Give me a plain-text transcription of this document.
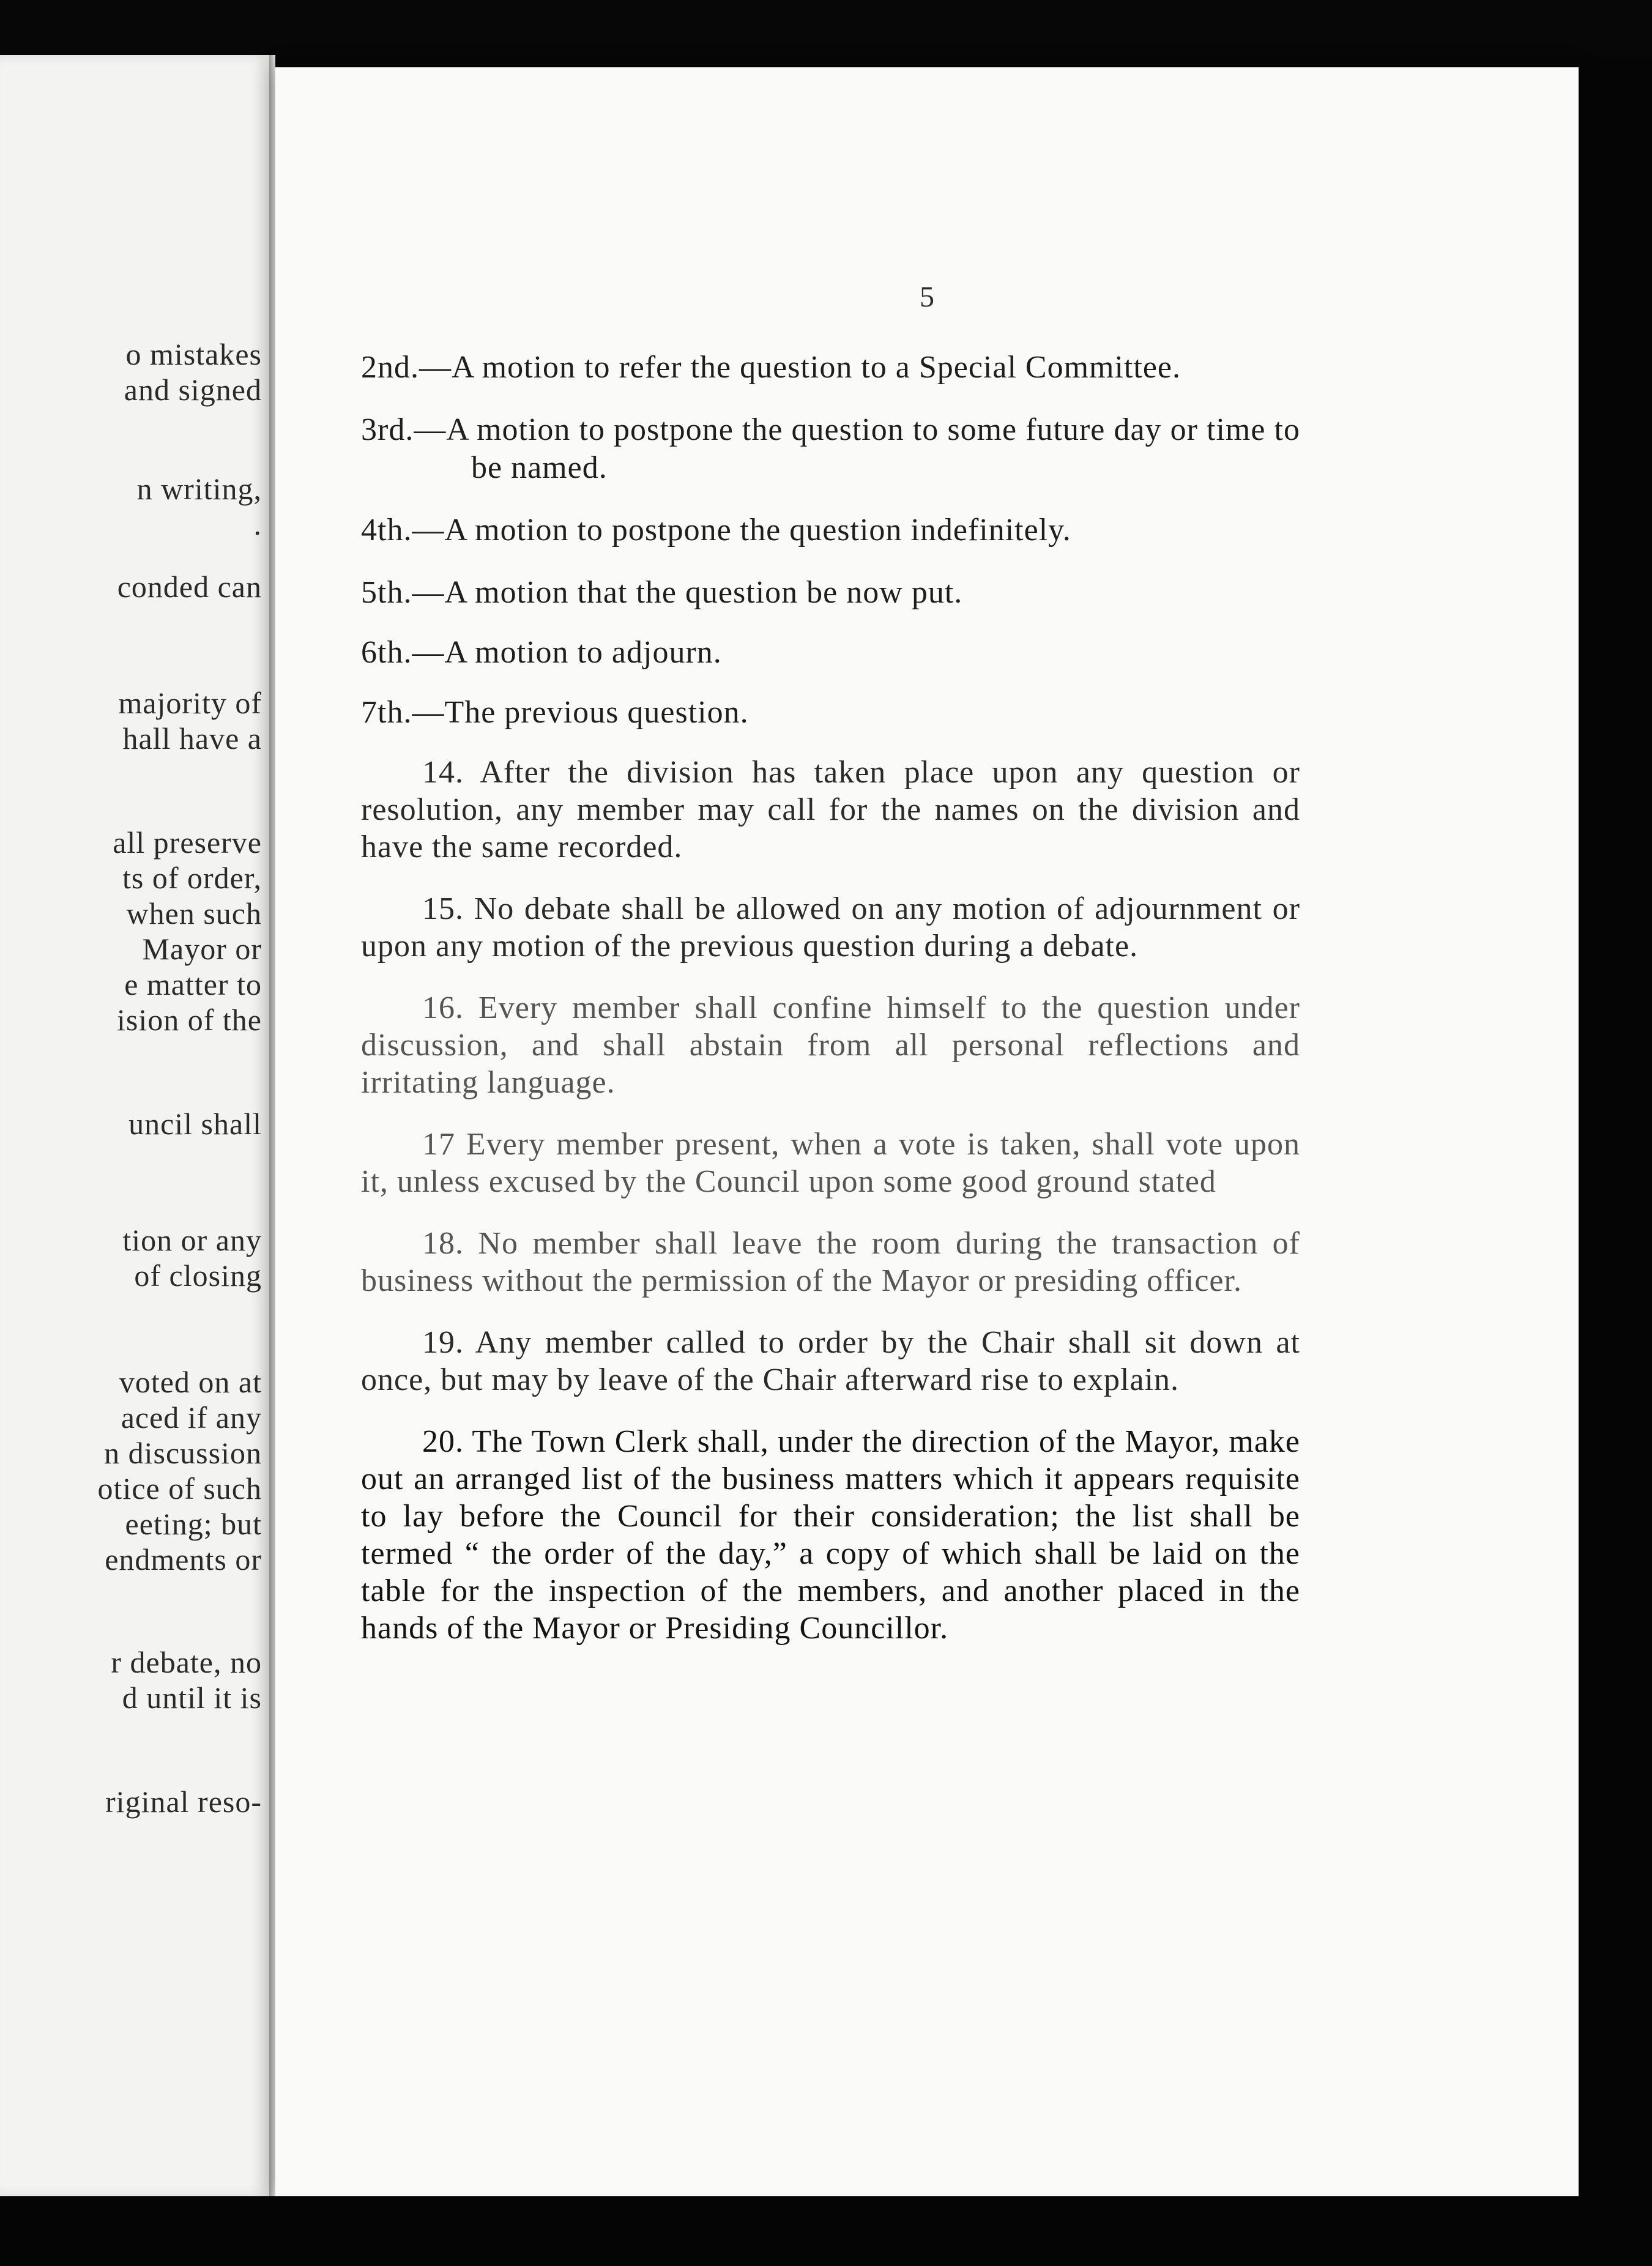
o mistakes
and signed
n writing,
.
conded can
majority of
hall have a
all preserve
ts of order,
when such
Mayor or
e matter to
ision of the
uncil shall
tion or any
of closing
voted on at
aced if any
n discussion
otice of such
eeting; but
endments or
r debate, no
d until it is
riginal reso-
5

2nd.—A motion to refer the question to a Special Committee.

3rd.—A motion to postpone the question to some future day or time to be named.

4th.—A motion to postpone the question indefinitely.

5th.—A motion that the question be now put.

6th.—A motion to adjourn.

7th.—The previous question.

14. After the division has taken place upon any question or resolution, any member may call for the names on the division and have the same recorded.

15. No debate shall be allowed on any motion of adjournment or upon any motion of the previous question during a debate.

16. Every member shall confine himself to the question under discussion, and shall abstain from all personal reflections and irritating language.

17 Every member present, when a vote is taken, shall vote upon it, unless excused by the Council upon some good ground stated

18. No member shall leave the room during the transaction of business without the permission of the Mayor or presiding officer.

19. Any member called to order by the Chair shall sit down at once, but may by leave of the Chair afterward rise to explain.

20. The Town Clerk shall, under the direction of the Mayor, make out an arranged list of the business matters which it appears requisite to lay before the Council for their consideration; the list shall be termed “ the order of the day,” a copy of which shall be laid on the table for the inspection of the members, and another placed in the hands of the Mayor or Presiding Councillor.
